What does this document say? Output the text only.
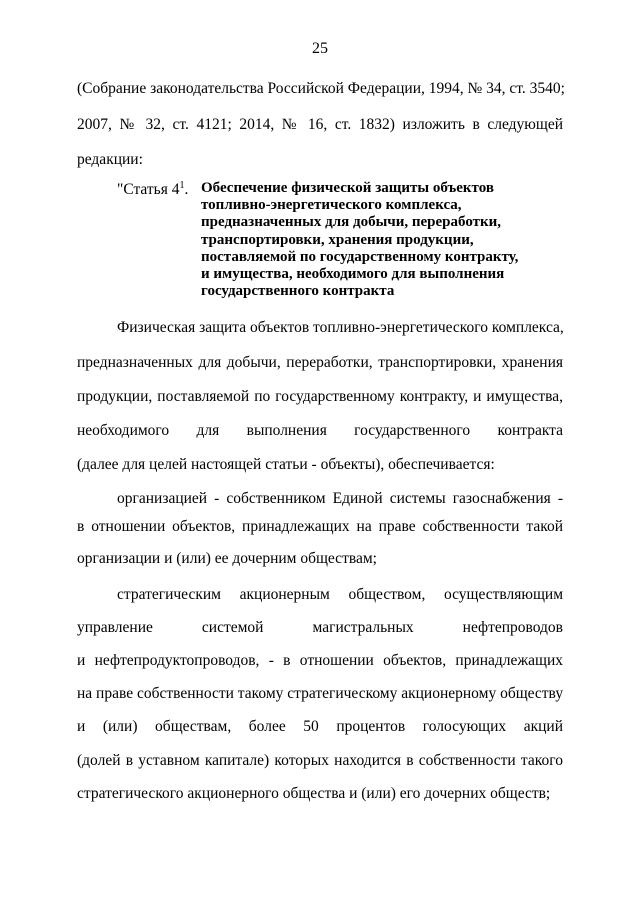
25
(Собрание законодательства Российской Федерации, 1994, № 34, ст. 3540;
2007, № 32, ст. 4121; 2014, № 16, ст. 1832) изложить в следующей
редакции:
"Статья $4^1$. Обеспечение физической защиты объектов
топливно-энергетического комплекса,
предназначенных для добычи, переработки,
транспортировки, хранения продукции,
поставляемой по государственному контракту,
и имущества, необходимого для выполнения
государственного контракта
Физическая защита объектов топливно-энергетического комплекса,
предназначенных для добычи, переработки, транспортировки, хранения
продукции, поставляемой по государственному контракту, и имущества,
необходимого для выполнения государственного контракта
(далее для целей настоящей статьи - объекты), обеспечивается:
организацией - собственником Единой системы газоснабжения -
в отношении объектов, принадлежащих на праве собственности такой
организации и (или) ее дочерним обществам;
стратегическим акционерным обществом, осуществляющим
управление системой магистральных нефтепроводов
и нефтепродуктопроводов, - в отношении объектов, принадлежащих
на праве собственности такому стратегическому акционерному обществу
и (или) обществам, более 50 процентов голосующих акций
(долей в уставном капитале) которых находится в собственности такого
стратегического акционерного общества и (или) его дочерних обществ;
